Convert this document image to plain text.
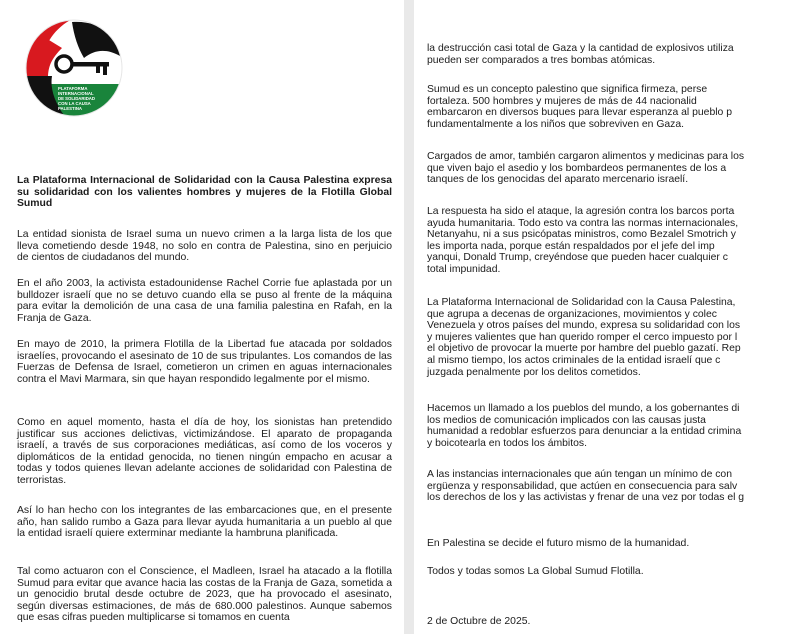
PLATAFORMA
INTERNACIONAL
DE SOLIDARIDAD
CON LA CAUSA
PALESTINA

La Plataforma Internacional de Solidaridad con la Causa Palestina expresa su solidaridad con los valientes hombres y mujeres de la Flotilla Global Sumud

La entidad sionista de Israel suma un nuevo crimen a la larga lista de los que lleva cometiendo desde 1948, no solo en contra de Palestina, sino en perjuicio de cientos de ciudadanos del mundo.

En el año 2003, la activista estadounidense Rachel Corrie fue aplastada por un bulldozer israelí que no se detuvo cuando ella se puso al frente de la máquina para evitar la demolición de una casa de una familia palestina en Rafah, en la Franja de Gaza.

En mayo de 2010, la primera Flotilla de la Libertad fue atacada por soldados israelíes, provocando el asesinato de 10 de sus tripulantes. Los comandos de las Fuerzas de Defensa de Israel, cometieron un crimen en aguas internacionales contra el Mavi Marmara, sin que hayan respondido legalmente por el mismo.

Como en aquel momento, hasta el día de hoy, los sionistas han pretendido justificar sus acciones delictivas, victimizándose. El aparato de propaganda israelí, a través de sus corporaciones mediáticas, así como de los voceros y diplomáticos de la entidad genocida, no tienen ningún empacho en acusar a todas y todos quienes llevan adelante acciones de solidaridad con Palestina de terroristas.

Así lo han hecho con los integrantes de las embarcaciones que, en el presente año, han salido rumbo a Gaza para llevar ayuda humanitaria a un pueblo al que la entidad israelí quiere exterminar mediante la hambruna planificada.

Tal como actuaron con el Conscience, el Madleen, Israel ha atacado a la flotilla Sumud para evitar que avance hacia las costas de la Franja de Gaza, sometida a un genocidio brutal desde octubre de 2023, que ha provocado el asesinato, según diversas estimaciones, de más de 680.000 palestinos. Aunque sabemos que esas cifras pueden multiplicarse si tomamos en cuenta

la destrucción casi total de Gaza y la cantidad de explosivos utiliza
pueden ser comparados a tres bombas atómicas.
Sumud es un concepto palestino que significa firmeza, perse
fortaleza. 500 hombres y mujeres de más de 44 nacionalid
embarcaron en diversos buques para llevar esperanza al pueblo p
fundamentalmente a los niños que sobreviven en Gaza.
Cargados de amor, también cargaron alimentos y medicinas para los
que viven bajo el asedio y los bombardeos permanentes de los a
tanques de los genocidas del aparato mercenario israelí.
La respuesta ha sido el ataque, la agresión contra los barcos porta
ayuda humanitaria. Todo esto va contra las normas internacionales,
Netanyahu, ni a sus psicópatas ministros, como Bezalel Smotrich y
les importa nada, porque están respaldados por el jefe del imp
yanqui, Donald Trump, creyéndose que pueden hacer cualquier c
total impunidad.
La Plataforma Internacional de Solidaridad con la Causa Palestina,
que agrupa a decenas de organizaciones, movimientos y colec
Venezuela y otros países del mundo, expresa su solidaridad con los
y mujeres valientes que han querido romper el cerco impuesto por l
el objetivo de provocar la muerte por hambre del pueblo gazatí. Rep
al mismo tiempo, los actos criminales de la entidad israelí que c
juzgada penalmente por los delitos cometidos.
Hacemos un llamado a los pueblos del mundo, a los gobernantes di
los medios de comunicación implicados con las causas justa
humanidad a redoblar esfuerzos para denunciar a la entidad crimina
y boicotearla en todos los ámbitos.
A las instancias internacionales que aún tengan un mínimo de con
ergüenza y responsabilidad, que actúen en consecuencia para salv
los derechos de los y las activistas y frenar de una vez por todas el g
En Palestina se decide el futuro mismo de la humanidad.
Todos y todas somos La Global Sumud Flotilla.
2 de Octubre de 2025.
